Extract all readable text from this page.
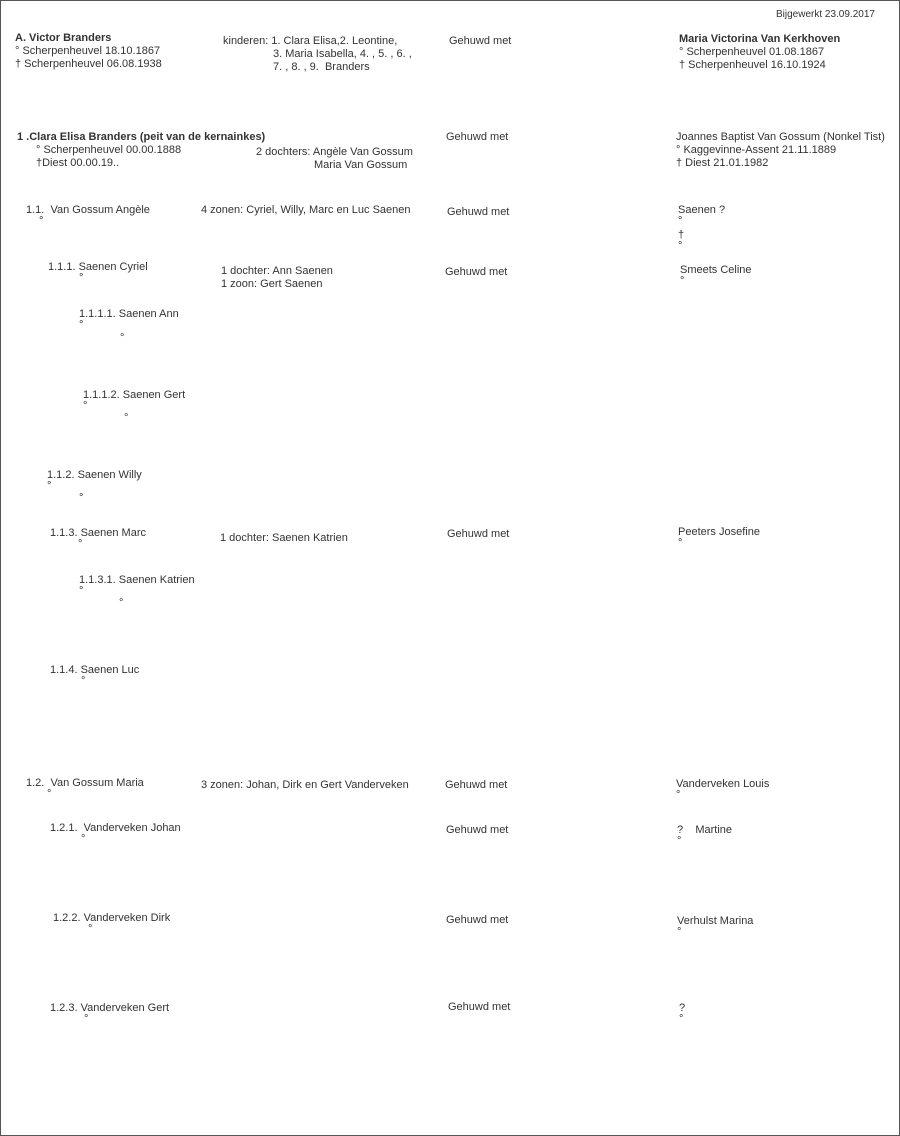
Bijgewerkt 23.09.2017
A. Victor Branders
° Scherpenheuvel 18.10.1867
† Scherpenheuvel 06.08.1938
kinderen: 1. Clara Elisa,2. Leontine,
3. Maria Isabella, 4. , 5. , 6. ,
7. , 8. , 9.  Branders
Gehuwd met	Maria Victorina Van Kerkhoven
° Scherpenheuvel 01.08.1867
† Scherpenheuvel 16.10.1924
1 .Clara Elisa Branders (peit van de kernainkes)
° Scherpenheuvel 00.00.1888
†Diest 00.00.19..
2 dochters: Angèle Van Gossum
Maria Van Gossum
Gehuwd met	Joannes Baptist Van Gossum (Nonkel Tist)
° Kaggevinne-Assent 21.11.1889
† Diest 21.01.1982
1.1.  Van Gossum Angèle
°
4 zonen: Cyriel, Willy, Marc en Luc Saenen	Gehuwd met	Saenen ?
°
†
°
1.1.1. Saenen Cyriel
°
1 dochter: Ann Saenen
1 zoon: Gert Saenen
Gehuwd met	Smeets Celine
°
1.1.1.1. Saenen Ann
°
°
1.1.1.2. Saenen Gert
°
°
1.1.2. Saenen Willy
°
°
1.1.3. Saenen Marc
°	1 dochter: Saenen Katrien	Gehuwd met	Peeters Josefine
°
1.1.3.1. Saenen Katrien
°
°
1.1.4. Saenen Luc
°
1.2.  Van Gossum Maria
°
3 zonen: Johan, Dirk en Gert Vanderveken	Gehuwd met	Vanderveken Louis
°
1.2.1.  Vanderveken Johan
°
Gehuwd met	?    Martine
°
1.2.2. Vanderveken Dirk
°
Gehuwd met	Verhulst Marina
°
1.2.3. Vanderveken Gert
°
Gehuwd met	?
°
